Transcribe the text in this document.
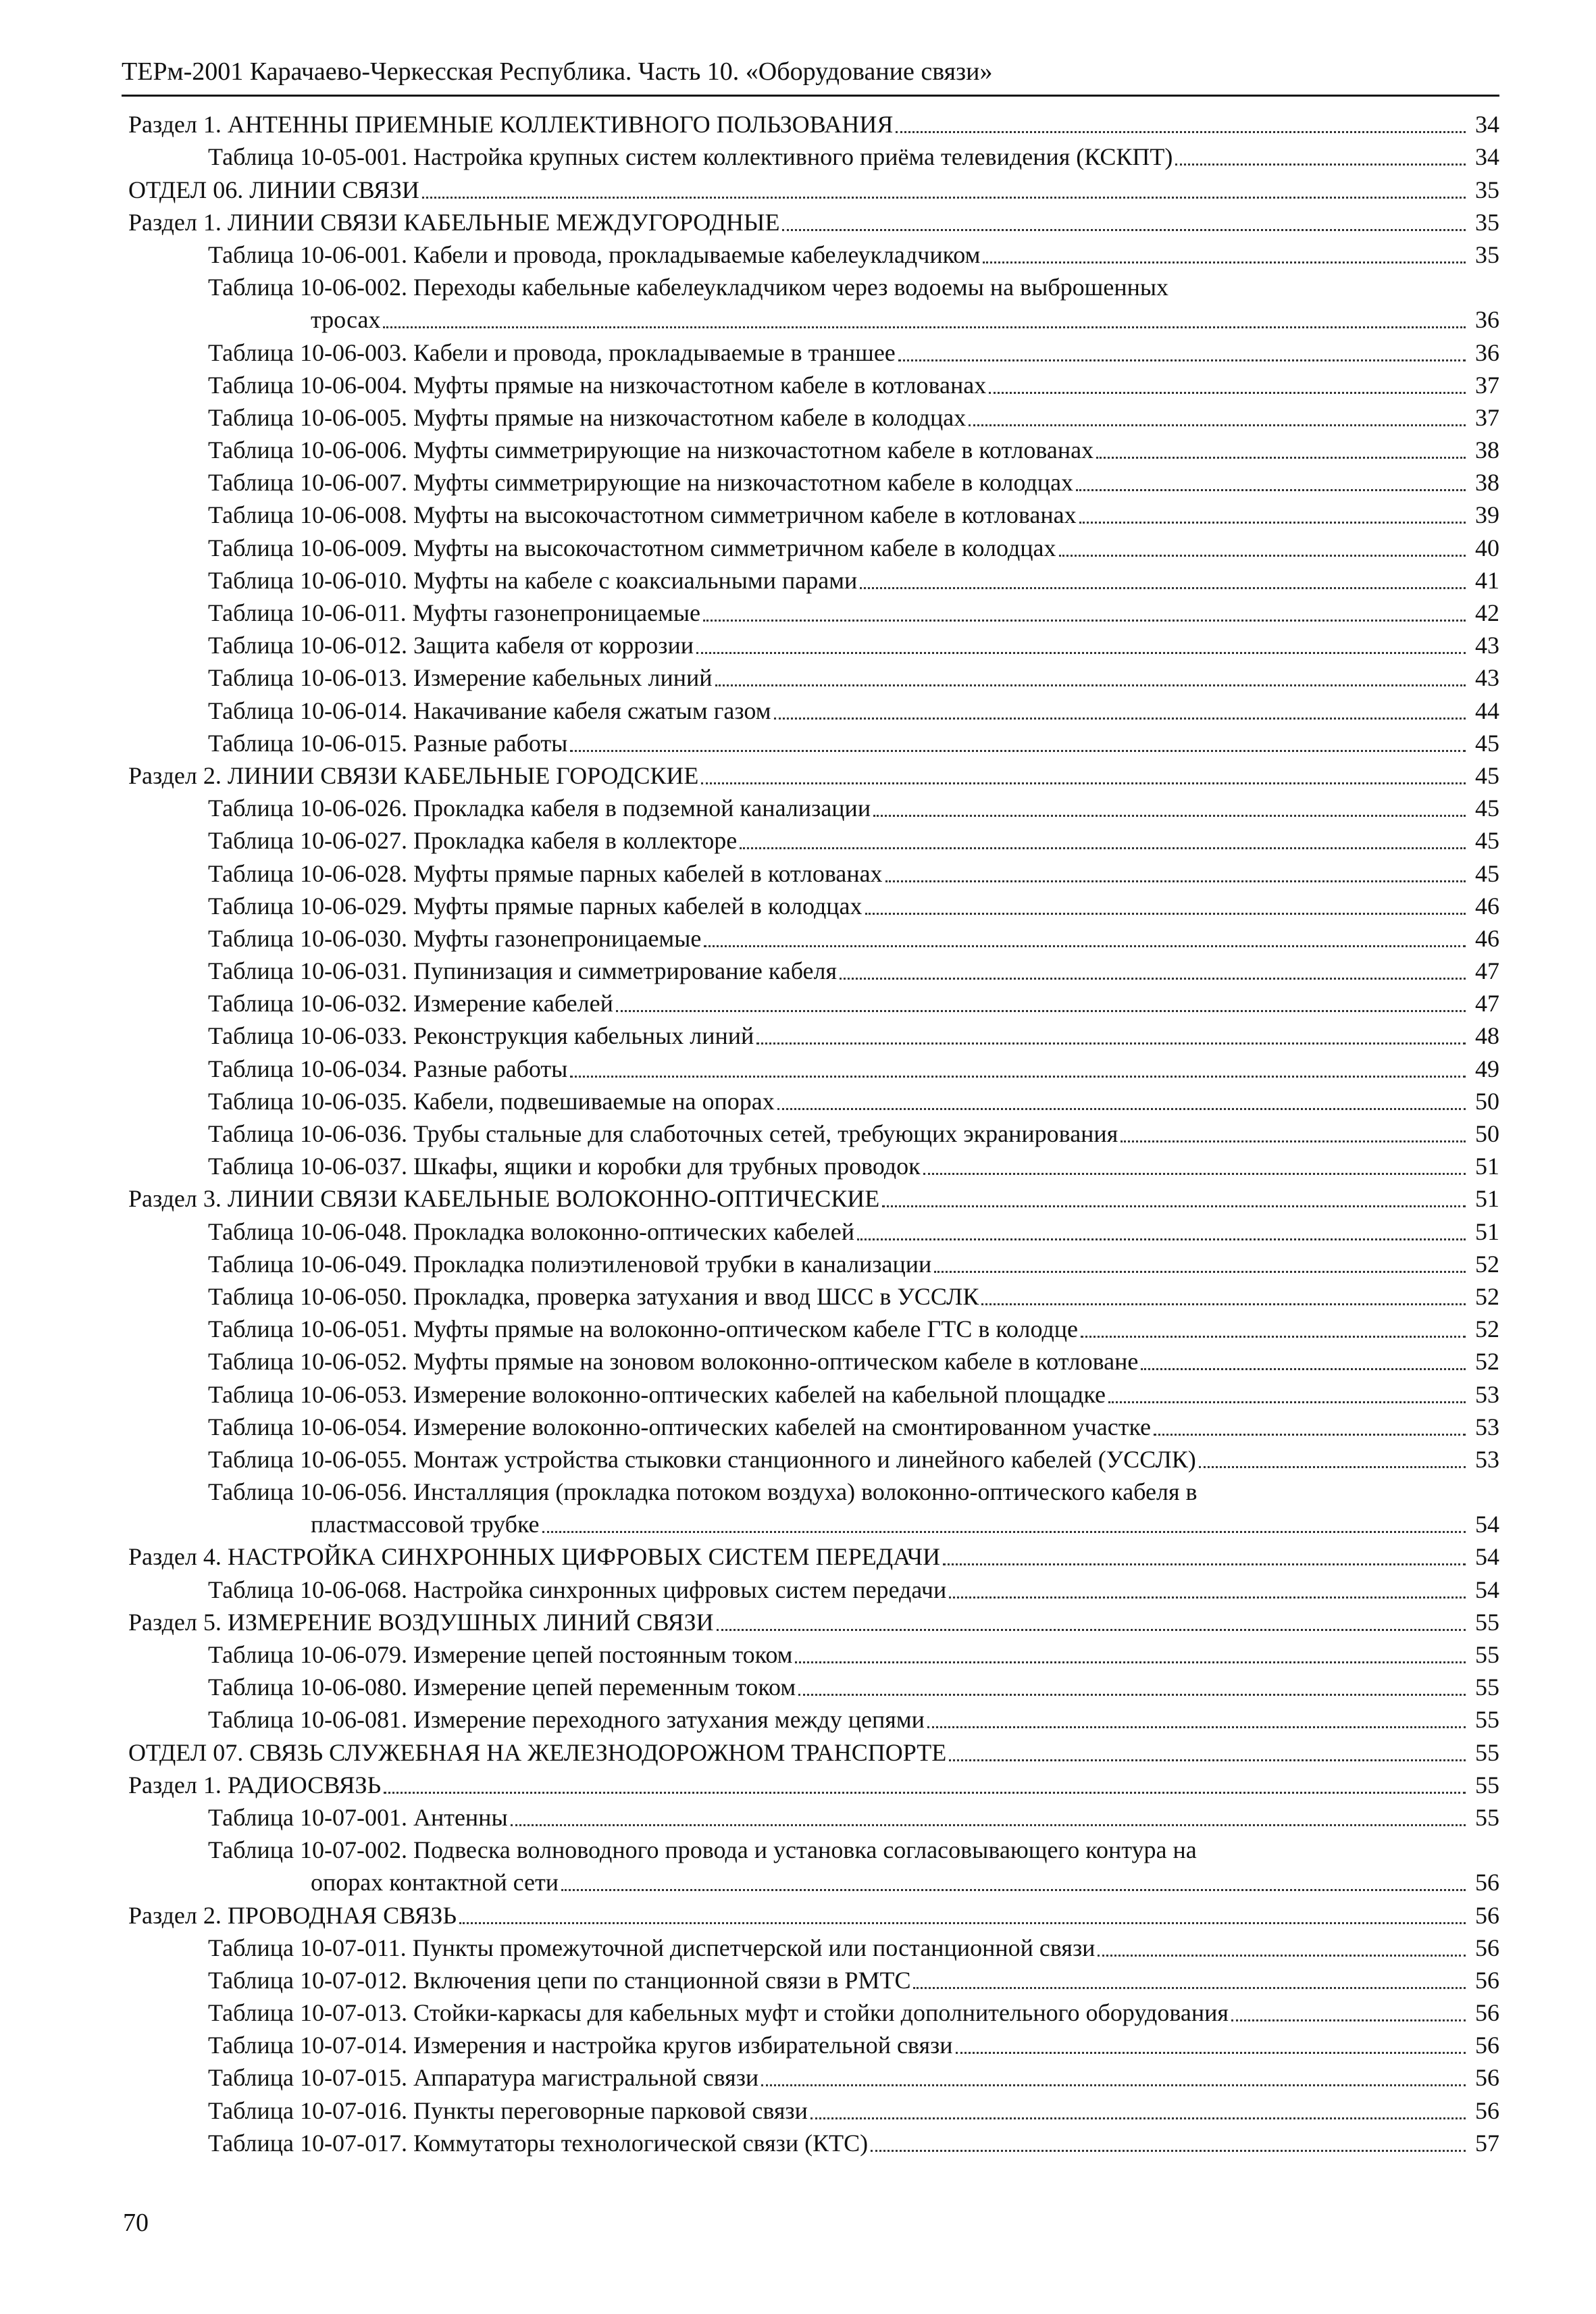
ТЕРм-2001 Карачаево-Черкесская Республика. Часть 10. «Оборудование связи»
Раздел 1. АНТЕННЫ ПРИЕМНЫЕ КОЛЛЕКТИВНОГО ПОЛЬЗОВАНИЯ	34
Таблица 10-05-001. Настройка крупных систем коллективного приёма телевидения (КСКПТ)	34
ОТДЕЛ 06. ЛИНИИ СВЯЗИ	35
Раздел 1. ЛИНИИ СВЯЗИ КАБЕЛЬНЫЕ МЕЖДУГОРОДНЫЕ	35
Таблица 10-06-001. Кабели и провода, прокладываемые кабелеукладчиком	35
Таблица 10-06-002. Переходы кабельные кабелеукладчиком через водоемы на выброшенных
тросах	36
Таблица 10-06-003. Кабели и провода, прокладываемые в траншее	36
Таблица 10-06-004. Муфты прямые на низкочастотном кабеле в котлованах	37
Таблица 10-06-005. Муфты прямые на низкочастотном кабеле в колодцах	37
Таблица 10-06-006. Муфты симметрирующие на низкочастотном кабеле в котлованах	38
Таблица 10-06-007. Муфты симметрирующие на низкочастотном кабеле в колодцах	38
Таблица 10-06-008. Муфты на высокочастотном симметричном кабеле в котлованах	39
Таблица 10-06-009. Муфты на высокочастотном симметричном кабеле в колодцах	40
Таблица 10-06-010. Муфты на кабеле с коаксиальными парами	41
Таблица 10-06-011. Муфты газонепроницаемые	42
Таблица 10-06-012. Защита кабеля от коррозии	43
Таблица 10-06-013. Измерение кабельных линий	43
Таблица 10-06-014. Накачивание кабеля сжатым газом	44
Таблица 10-06-015. Разные работы	45
Раздел 2. ЛИНИИ СВЯЗИ КАБЕЛЬНЫЕ ГОРОДСКИЕ	45
Таблица 10-06-026. Прокладка кабеля в подземной канализации	45
Таблица 10-06-027. Прокладка кабеля в коллекторе	45
Таблица 10-06-028. Муфты прямые парных кабелей в котлованах	45
Таблица 10-06-029. Муфты прямые парных кабелей в колодцах	46
Таблица 10-06-030. Муфты газонепроницаемые	46
Таблица 10-06-031. Пупинизация и симметрирование кабеля	47
Таблица 10-06-032. Измерение кабелей	47
Таблица 10-06-033. Реконструкция кабельных линий	48
Таблица 10-06-034. Разные работы	49
Таблица 10-06-035. Кабели, подвешиваемые на опорах	50
Таблица 10-06-036. Трубы стальные для слаботочных сетей, требующих экранирования	50
Таблица 10-06-037. Шкафы, ящики и коробки для трубных проводок	51
Раздел 3. ЛИНИИ СВЯЗИ КАБЕЛЬНЫЕ ВОЛОКОННО-ОПТИЧЕСКИЕ	51
Таблица 10-06-048. Прокладка волоконно-оптических кабелей	51
Таблица 10-06-049. Прокладка полиэтиленовой трубки в канализации	52
Таблица 10-06-050. Прокладка, проверка затухания и ввод ШСС в УССЛК	52
Таблица 10-06-051. Муфты прямые на волоконно-оптическом кабеле ГТС в колодце	52
Таблица 10-06-052. Муфты прямые на зоновом волоконно-оптическом кабеле в котловане	52
Таблица 10-06-053. Измерение волоконно-оптических кабелей на кабельной площадке	53
Таблица 10-06-054. Измерение волоконно-оптических кабелей на смонтированном участке	53
Таблица 10-06-055. Монтаж устройства стыковки станционного и линейного кабелей (УССЛК)	53
Таблица 10-06-056. Инсталляция (прокладка потоком воздуха) волоконно-оптического кабеля в
пластмассовой трубке	54
Раздел 4. НАСТРОЙКА СИНХРОННЫХ ЦИФРОВЫХ СИСТЕМ ПЕРЕДАЧИ	54
Таблица 10-06-068. Настройка синхронных цифровых систем передачи	54
Раздел 5. ИЗМЕРЕНИЕ ВОЗДУШНЫХ ЛИНИЙ СВЯЗИ	55
Таблица 10-06-079. Измерение цепей постоянным током	55
Таблица 10-06-080. Измерение цепей переменным током	55
Таблица 10-06-081. Измерение переходного затухания между цепями	55
ОТДЕЛ 07. СВЯЗЬ СЛУЖЕБНАЯ НА ЖЕЛЕЗНОДОРОЖНОМ ТРАНСПОРТЕ	55
Раздел 1. РАДИОСВЯЗЬ	55
Таблица 10-07-001. Антенны	55
Таблица 10-07-002. Подвеска волноводного провода и установка согласовывающего контура на
опорах контактной сети	56
Раздел 2. ПРОВОДНАЯ СВЯЗЬ	56
Таблица 10-07-011. Пункты промежуточной диспетчерской или постанционной связи	56
Таблица 10-07-012. Включения цепи по станционной связи в РМТС	56
Таблица 10-07-013. Стойки-каркасы для кабельных муфт и стойки дополнительного оборудования	56
Таблица 10-07-014. Измерения и настройка кругов избирательной связи	56
Таблица 10-07-015. Аппаратура магистральной связи	56
Таблица 10-07-016. Пункты переговорные парковой связи	56
Таблица 10-07-017. Коммутаторы технологической связи (КТС)	57
70
